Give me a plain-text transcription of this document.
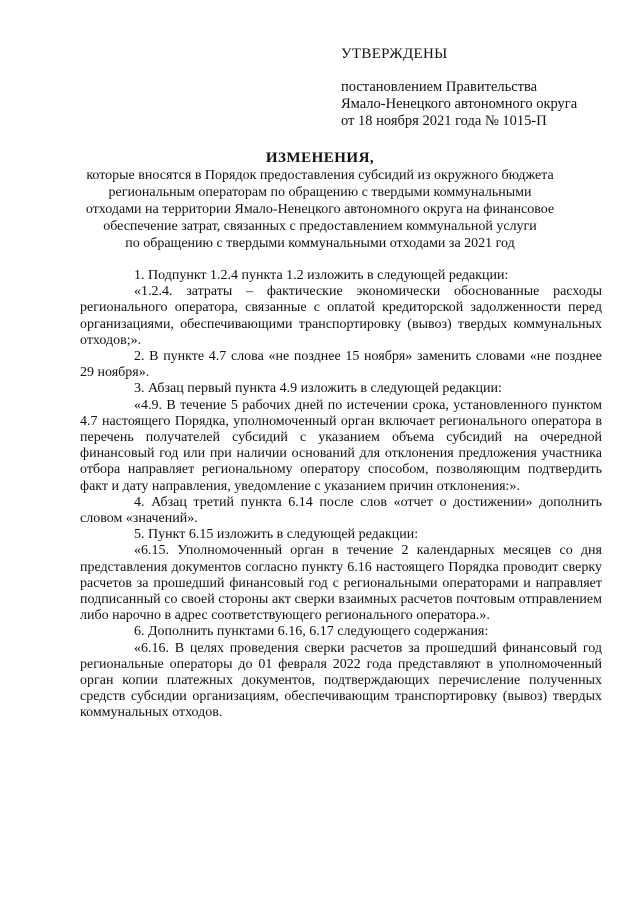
УТВЕРЖДЕНЫ
постановлением Правительства
Ямало-Ненецкого автономного округа
от 18 ноября 2021 года № 1015-П
ИЗМЕНЕНИЯ,
которые вносятся в Порядок предоставления субсидий из окружного бюджета
региональным операторам по обращению с твердыми коммунальными
отходами на территории Ямало-Ненецкого автономного округа на финансовое
обеспечение затрат, связанных с предоставлением коммунальной услуги
по обращению с твердыми коммунальными отходами за 2021 год

1. Подпункт 1.2.4 пункта 1.2 изложить в следующей редакции:

«1.2.4. затраты – фактические экономически обоснованные расходы регионального оператора, связанные с оплатой кредиторской задолженности перед организациями, обеспечивающими транспортировку (вывоз) твердых коммунальных отходов;».

2. В пункте 4.7 слова «не позднее 15 ноября» заменить словами «не позднее 29 ноября».

3. Абзац первый пункта 4.9 изложить в следующей редакции:

«4.9. В течение 5 рабочих дней по истечении срока, установленного пунктом 4.7 настоящего Порядка, уполномоченный орган включает регионального оператора в перечень получателей субсидий с указанием объема субсидий на очередной финансовый год или при наличии оснований для отклонения предложения участника отбора направляет региональному оператору способом, позволяющим подтвердить факт и дату направления, уведомление с указанием причин отклонения:».

4. Абзац третий пункта 6.14 после слов «отчет о достижении» дополнить словом «значений».

5. Пункт 6.15 изложить в следующей редакции:

«6.15. Уполномоченный орган в течение 2 календарных месяцев со дня представления документов согласно пункту 6.16 настоящего Порядка проводит сверку расчетов за прошедший финансовый год с региональными операторами и направляет подписанный со своей стороны акт сверки взаимных расчетов почтовым отправлением либо нарочно в адрес соответствующего регионального оператора.».

6. Дополнить пунктами 6.16, 6.17 следующего содержания:

«6.16. В целях проведения сверки расчетов за прошедший финансовый год региональные операторы до 01 февраля 2022 года представляют в уполномоченный орган копии платежных документов, подтверждающих перечисление полученных средств субсидии организациям, обеспечивающим транспортировку (вывоз) твердых коммунальных отходов.
